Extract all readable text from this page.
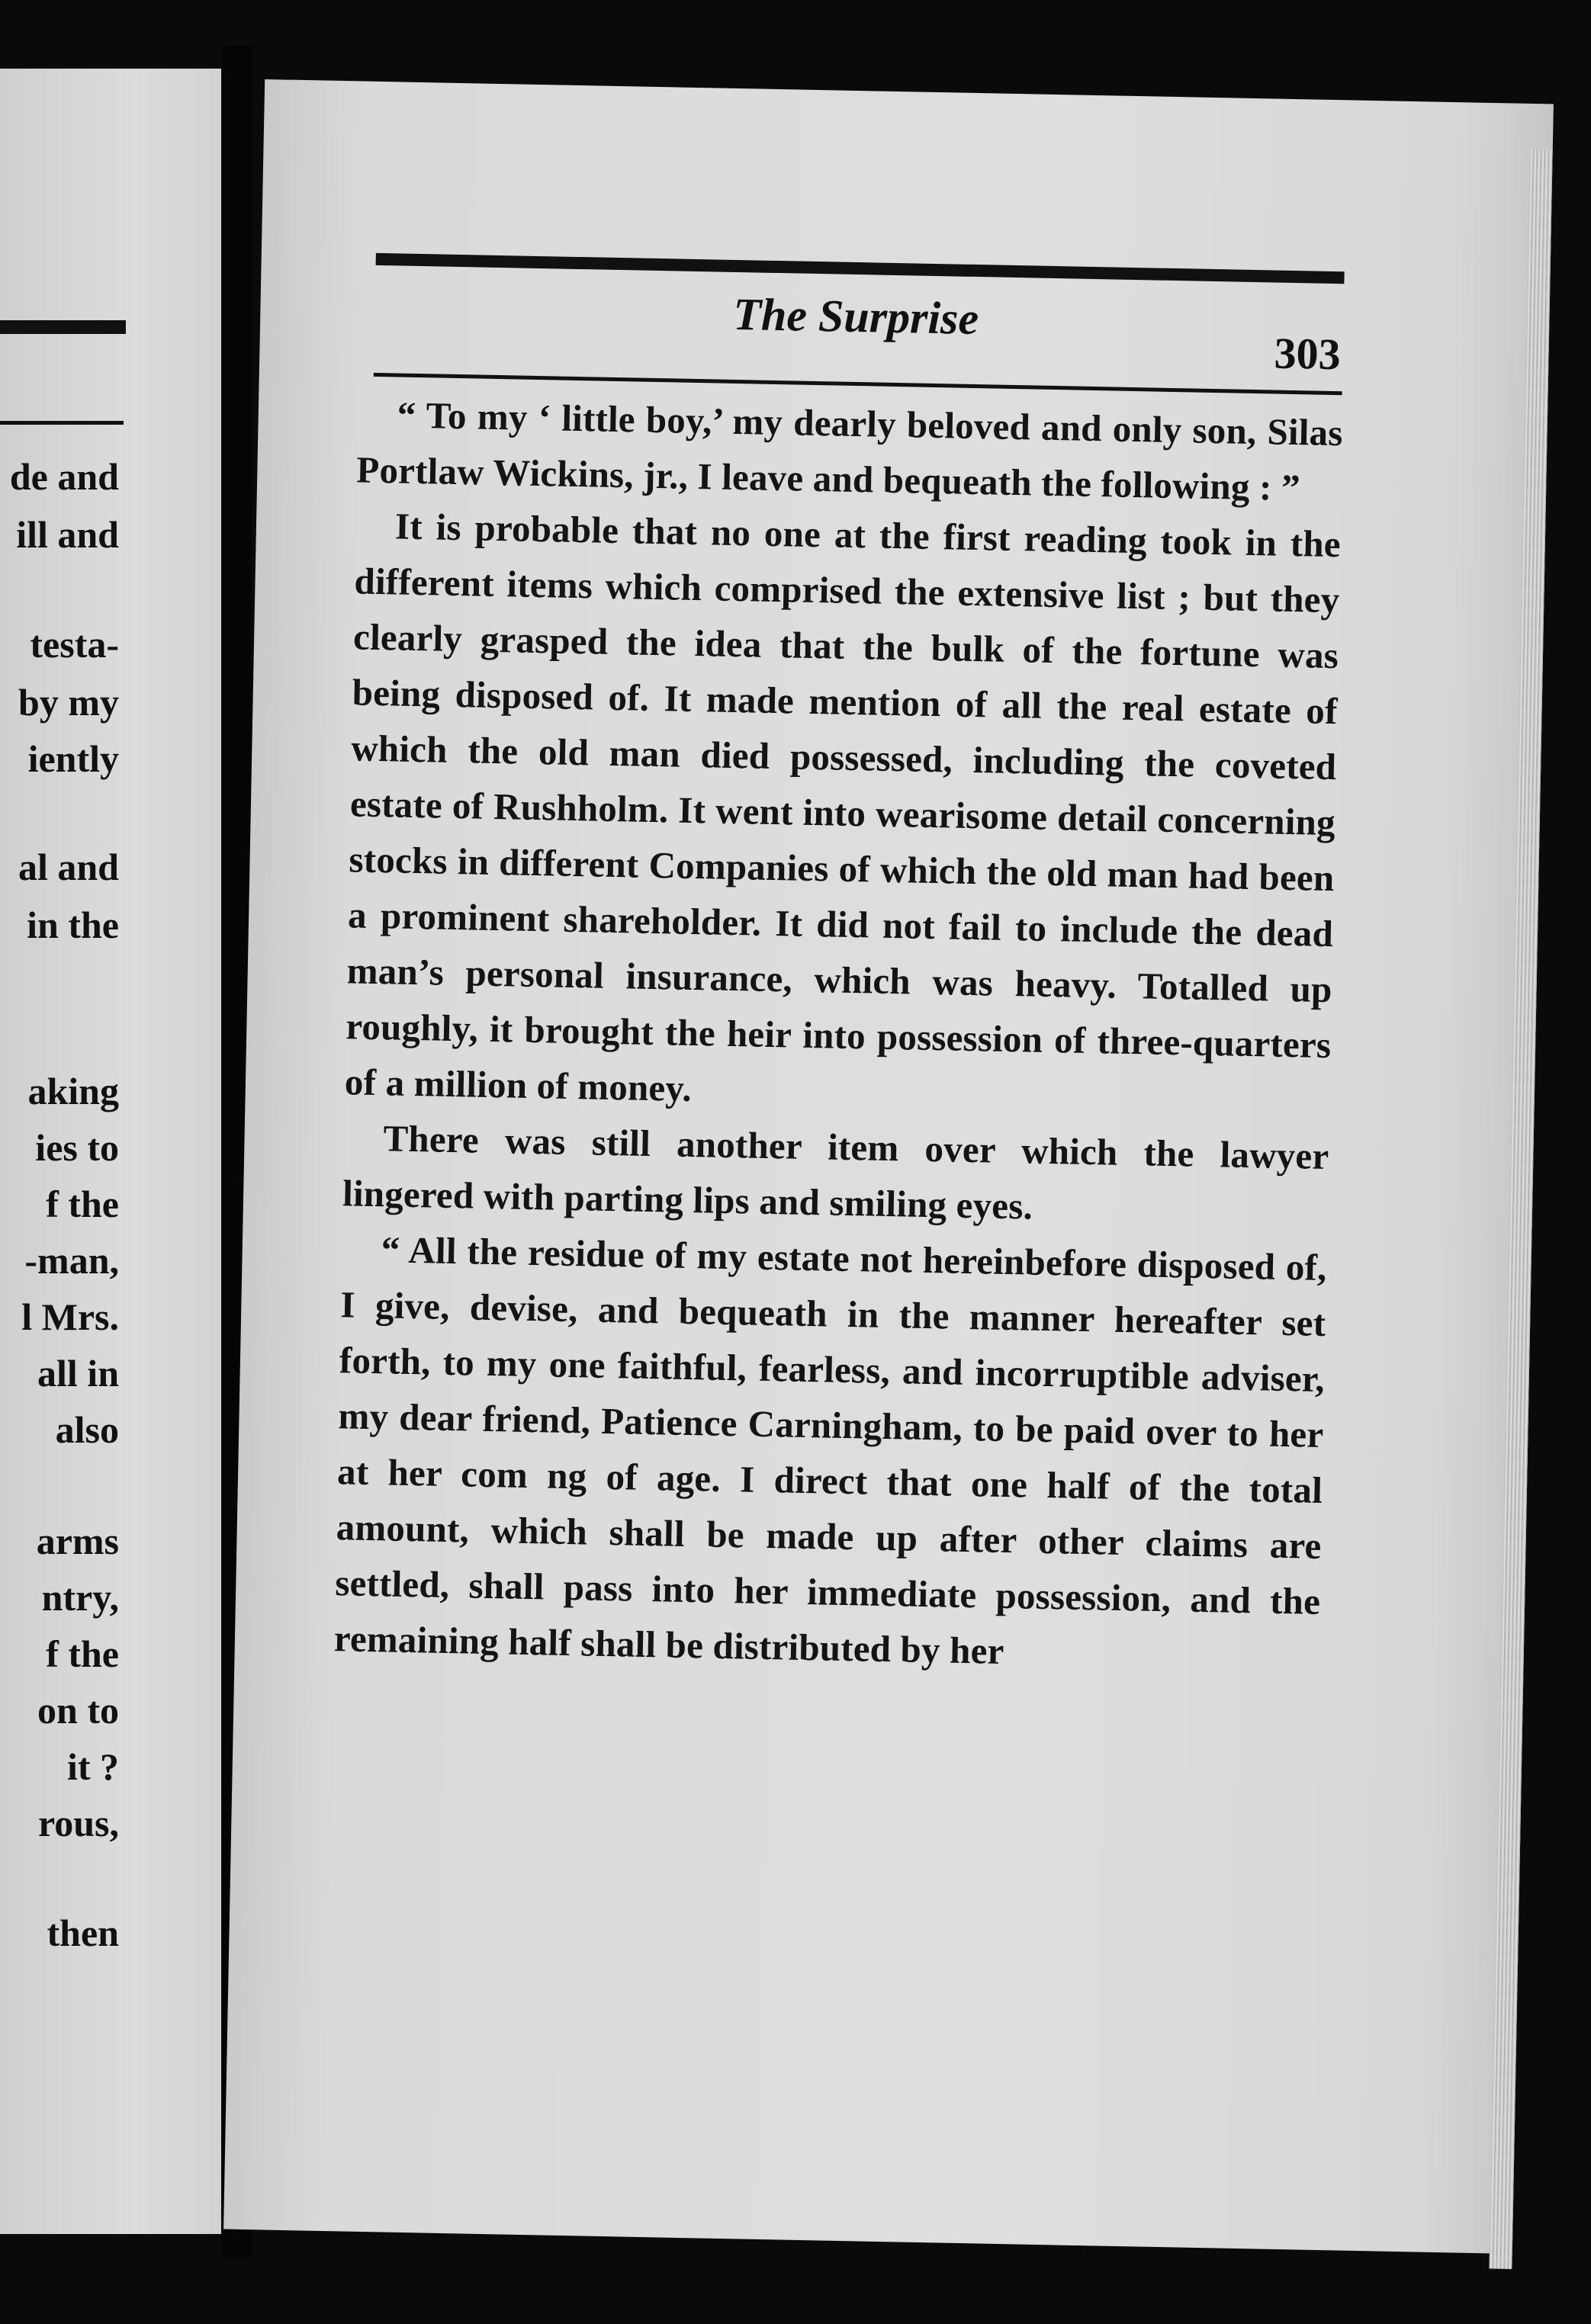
de and
ill and
testa-
by my
iently
al and
in the
aking
ies to
f the
-man,
l Mrs.
all in
also
arms
ntry,
f the
on to
it ?
rous,
then
The Surprise
303

“ To my ‘ little boy,’ my dearly beloved and only son, Silas Portlaw Wickins, jr., I leave and bequeath the following : ”

It is probable that no one at the first reading took in the different items which comprised the extensive list ; but they clearly grasped the idea that the bulk of the fortune was being disposed of. It made mention of all the real estate of which the old man died possessed, including the coveted estate of Rushholm. It went into wearisome detail concerning stocks in different Companies of which the old man had been a prominent shareholder. It did not fail to include the dead man’s personal insurance, which was heavy. Totalled up roughly, it brought the heir into possession of three-quarters of a million of money.

There was still another item over which the lawyer lingered with parting lips and smiling eyes.

“ All the residue of my estate not hereinbefore disposed of, I give, devise, and bequeath in the manner hereafter set forth, to my one faithful, fearless, and incorruptible adviser, my dear friend, Patience Carningham, to be paid over to her at her com ng of age. I direct that one half of the total amount, which shall be made up after other claims are settled, shall pass into her immediate possession, and the remaining half shall be distributed by her
